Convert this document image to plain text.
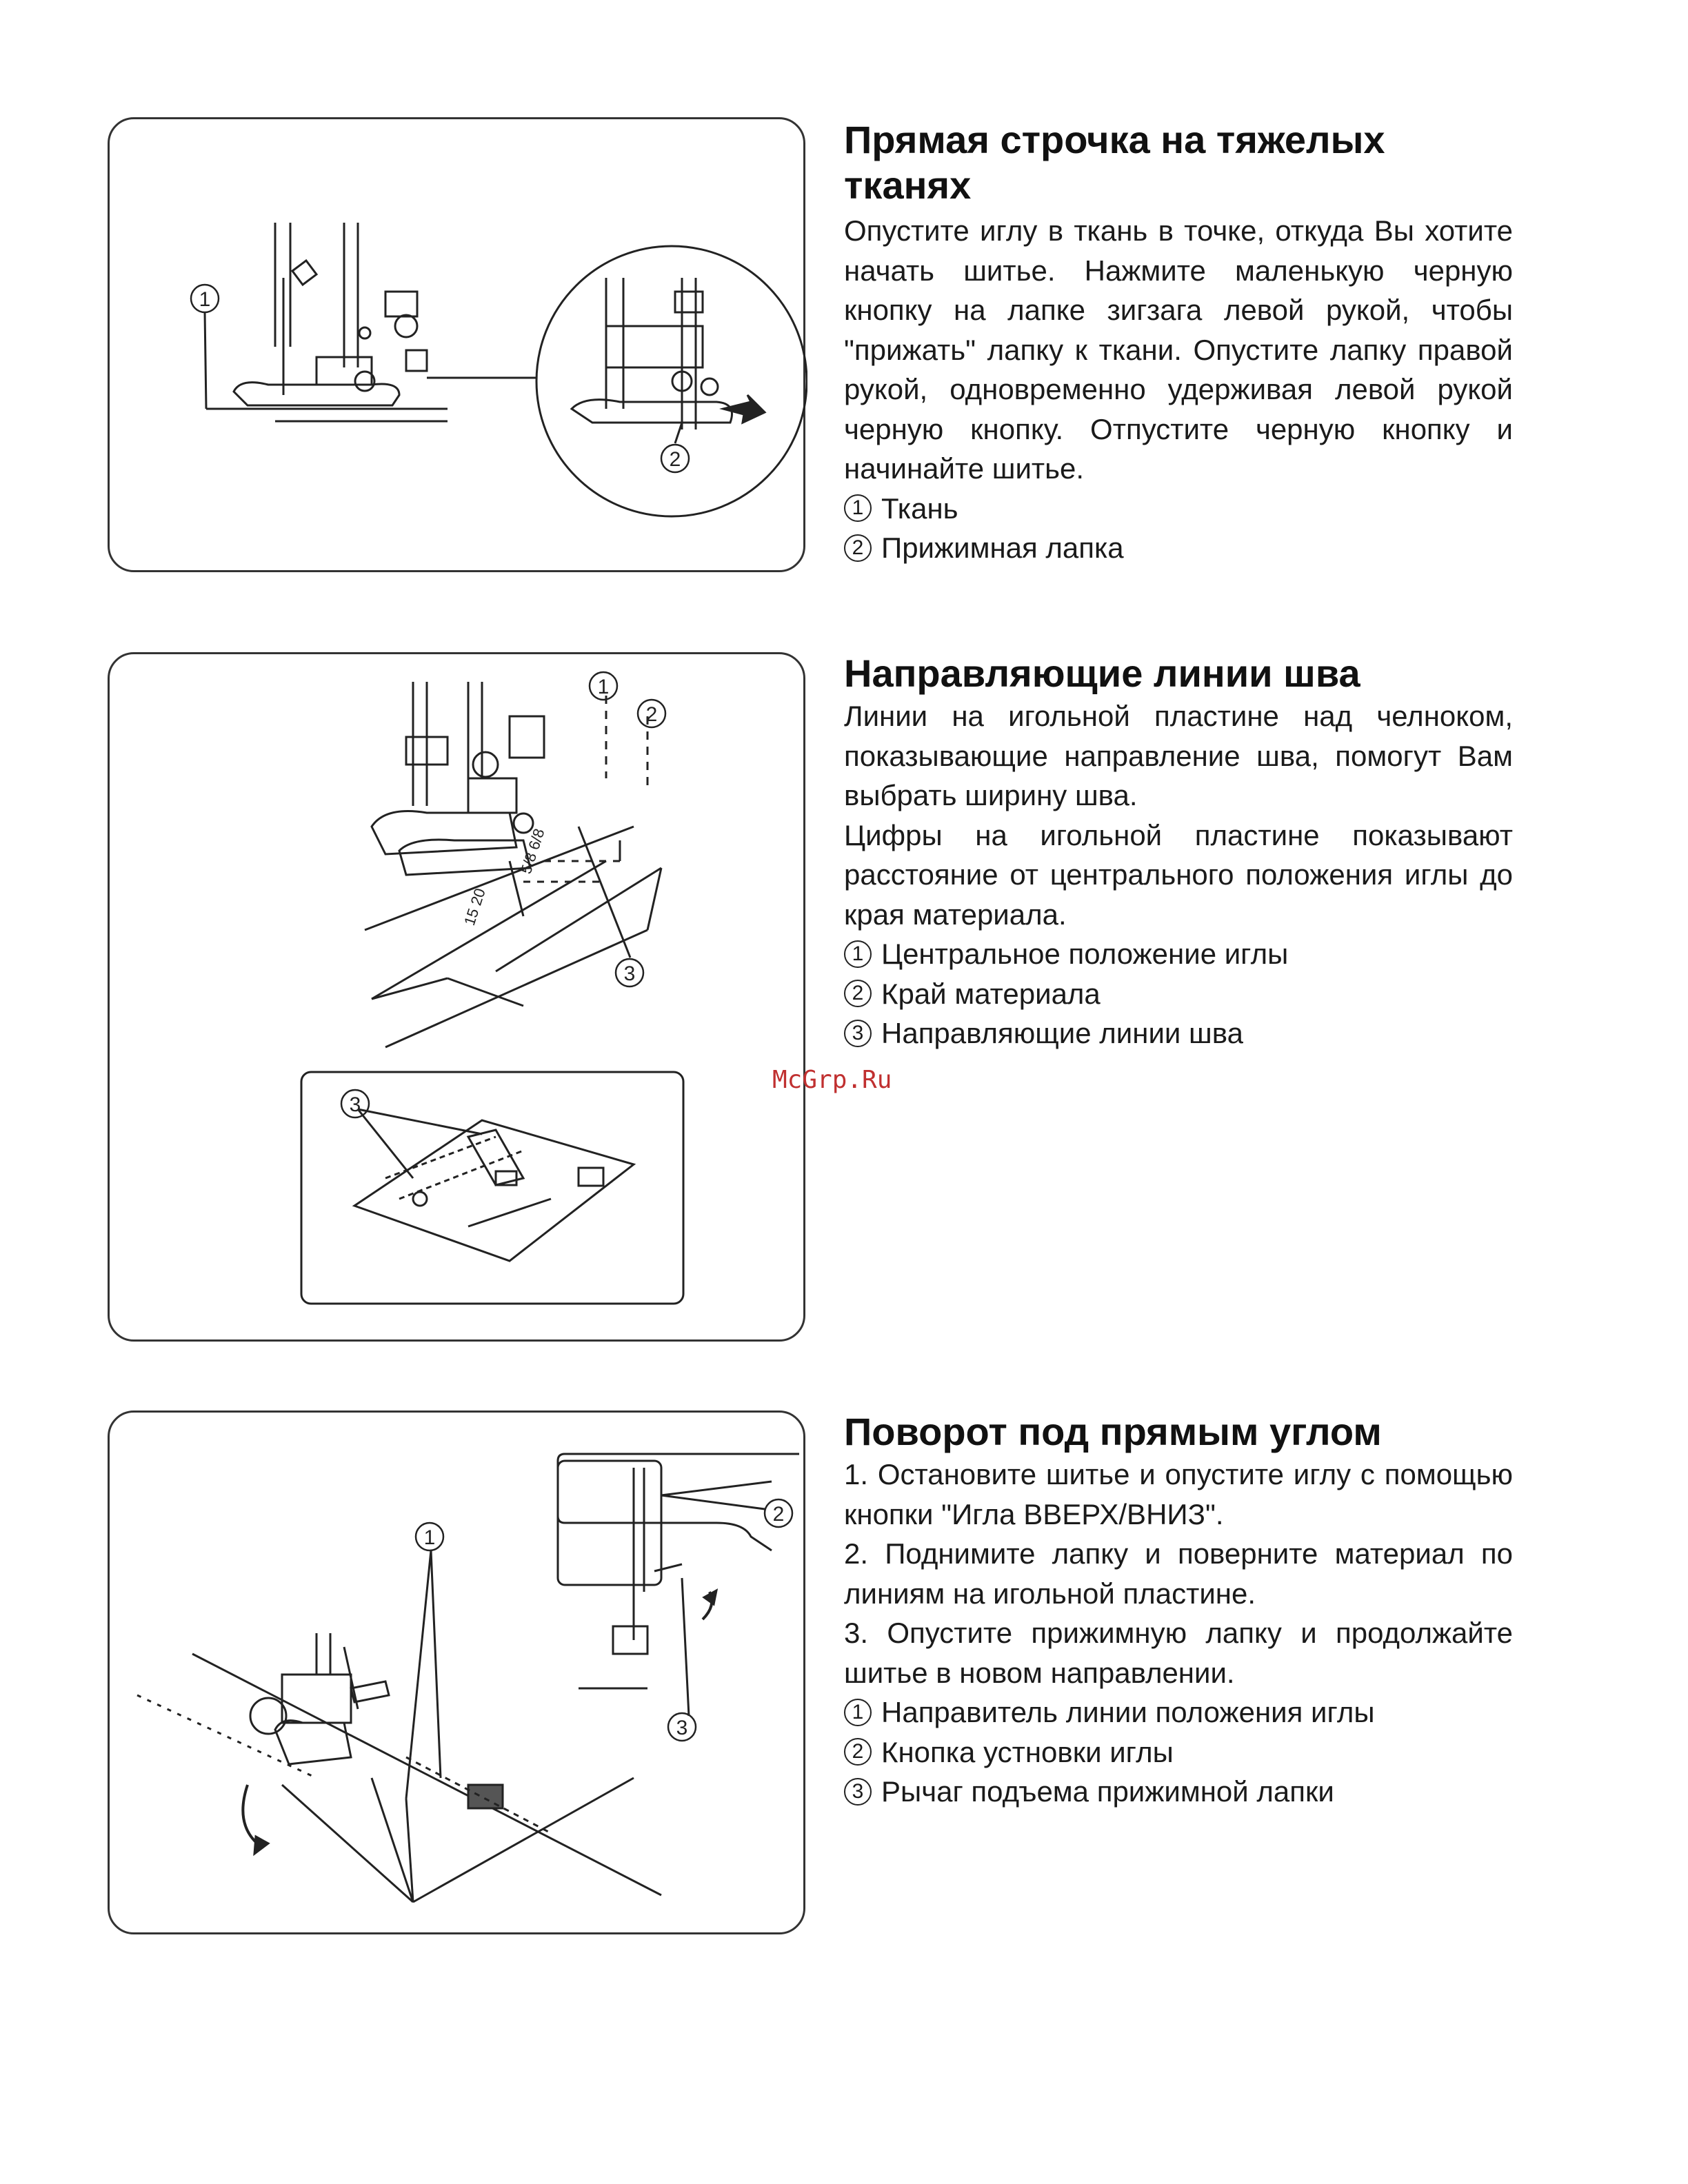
1
2
Прямая строчка на тяжелых
тканях

Опустите иглу в ткань в точке, откуда Вы хотите начать шитье. Нажмите маленькую черную кнопку на лапке зигзага левой рукой, чтобы "прижать" лапку к ткани. Опустите лапку правой рукой, одновременно удерживая левой рукой черную кнопку. Отпустите черную кнопку и начинайте шитье.

1 Ткань
2 Прижимная лапка
5/8 6/8
15 20
1
2
3
3
Направляющие линии шва

Линии на игольной пластине над челноком, показывающие направление шва, помогут Вам выбрать ширину шва.

Цифры на игольной пластине показывают расстояние от центрального положения иглы до края материала.

1 Центральное положение иглы
2 Край материала
3 Направляющие линии шва
McGrp.Ru
1
2
3
Поворот под прямым углом

1. Остановите шитье и опустите иглу с помощью кнопки "Игла ВВЕРХ/ВНИЗ".

2. Поднимите лапку и поверните материал по линиям на игольной пластине.

3. Опустите прижимную лапку и продолжайте шитье в новом направлении.

1 Направитель линии положения иглы
2 Кнопка устновки иглы
3 Рычаг подъема прижимной лапки
